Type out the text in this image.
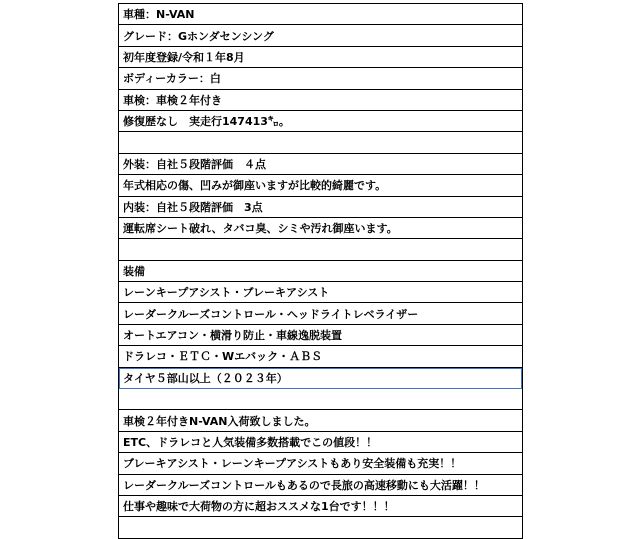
車種：N-VAN
グレード：Gホンダセンシング
初年度登録/令和１年8月
ボディーカラー：白
車検：車検２年付き
修復歴なし　実走行147413㌔。
外装：自社５段階評価　４点
年式相応の傷、凹みが御座いますが比較的綺麗です。
内装：自社５段階評価　3点
運転席シート破れ、タバコ臭、シミや汚れ御座います。
装備
レーンキープアシスト・ブレーキアシスト
レーダークルーズコントロール・ヘッドライトレベライザー
オートエアコン・横滑り防止・車線逸脱装置
ドラレコ・ＥＴＣ・Wエバック・ＡＢＳ
タイヤ５部山以上（２０２３年）
車検２年付きN-VAN入荷致しました。
ETC、ドラレコと人気装備多数搭載でこの値段！！
ブレーキアシスト・レーンキープアシストもあり安全装備も充実！！
レーダークルーズコントロールもあるので長旅の高速移動にも大活躍！！
仕事や趣味で大荷物の方に超おススメな1台です！！！
